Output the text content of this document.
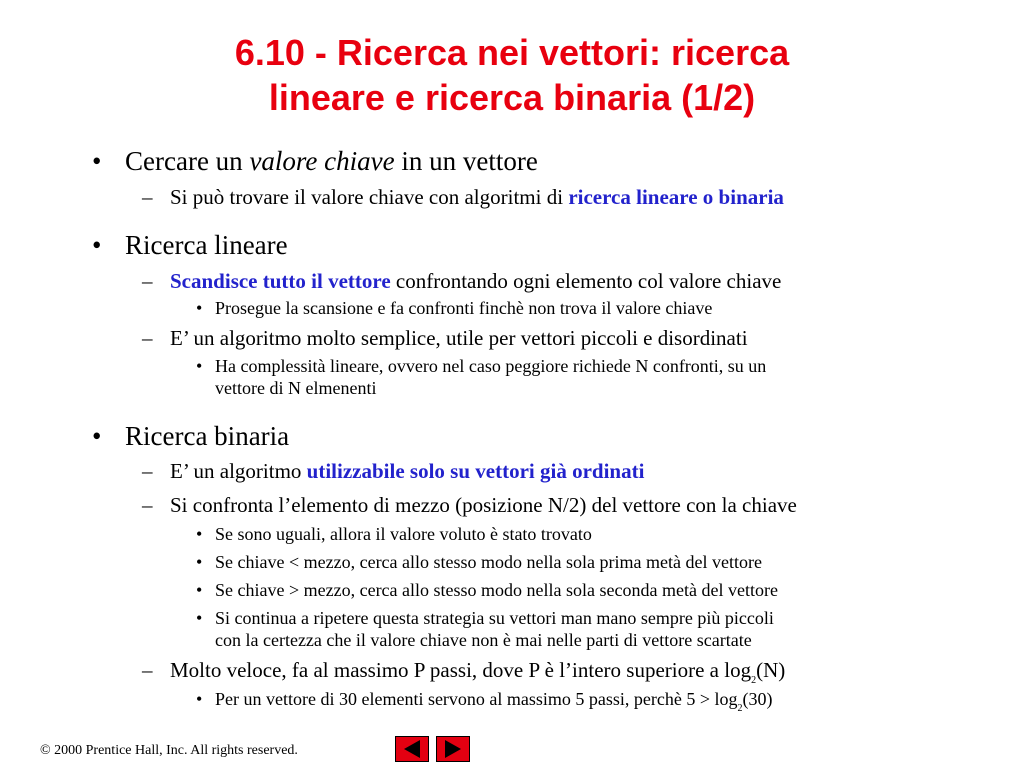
6.10 - Ricerca nei vettori: ricerca
lineare e ricerca binaria (1/2)
• Cercare un valore chiave in un vettore
– Si può trovare il valore chiave con algoritmi di ricerca lineare o binaria
• Ricerca lineare
– Scandisce tutto il vettore confrontando ogni elemento col valore chiave
• Prosegue la scansione e fa confronti finchè non trova il valore chiave
– E’ un algoritmo molto semplice, utile per vettori piccoli e disordinati
• Ha complessità lineare, ovvero nel caso peggiore richiede N confronti, su un
vettore di N elmenenti
• Ricerca binaria
– E’ un algoritmo utilizzabile solo su vettori già ordinati
– Si confronta l’elemento di mezzo (posizione N/2) del vettore con la chiave
• Se sono uguali, allora il valore voluto è stato trovato
• Se chiave < mezzo, cerca allo stesso modo nella sola prima metà del vettore
• Se chiave > mezzo, cerca allo stesso modo nella sola seconda metà del vettore
• Si continua a ripetere questa strategia su vettori man mano sempre più piccoli
con la certezza che il valore chiave non è mai nelle parti di vettore scartate
– Molto veloce, fa al massimo P passi, dove P è l’intero superiore a $\log_2(N)$
• Per un vettore di 30 elementi servono al massimo 5 passi, perchè $5 > \log_2(30)$
© 2000 Prentice Hall, Inc. All rights reserved.
